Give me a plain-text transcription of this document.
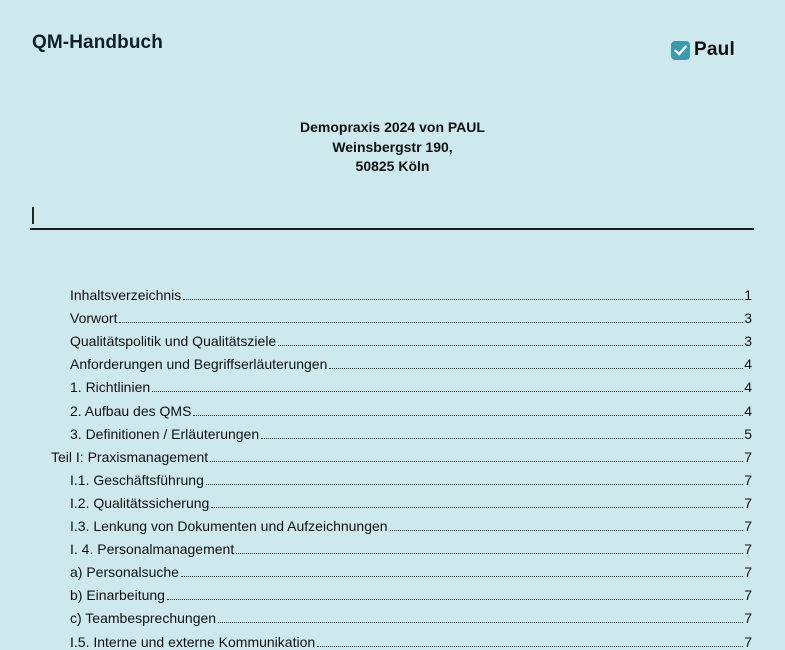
QM-Handbuch	Paul
Demopraxis 2024 von PAUL
Weinsbergstr 190,
50825 Köln
Inhaltsverzeichnis	1
Vorwort	3
Qualitätspolitik und Qualitätsziele	3
Anforderungen und Begriffserläuterungen	4
1. Richtlinien	4
2. Aufbau des QMS	4
3. Definitionen / Erläuterungen	5
Teil I: Praxismanagement	7
I.1. Geschäftsführung	7
I.2. Qualitätssicherung	7
I.3. Lenkung von Dokumenten und Aufzeichnungen	7
I. 4. Personalmanagement	7
a) Personalsuche	7
b) Einarbeitung	7
c) Teambesprechungen	7
I.5. Interne und externe Kommunikation	7
